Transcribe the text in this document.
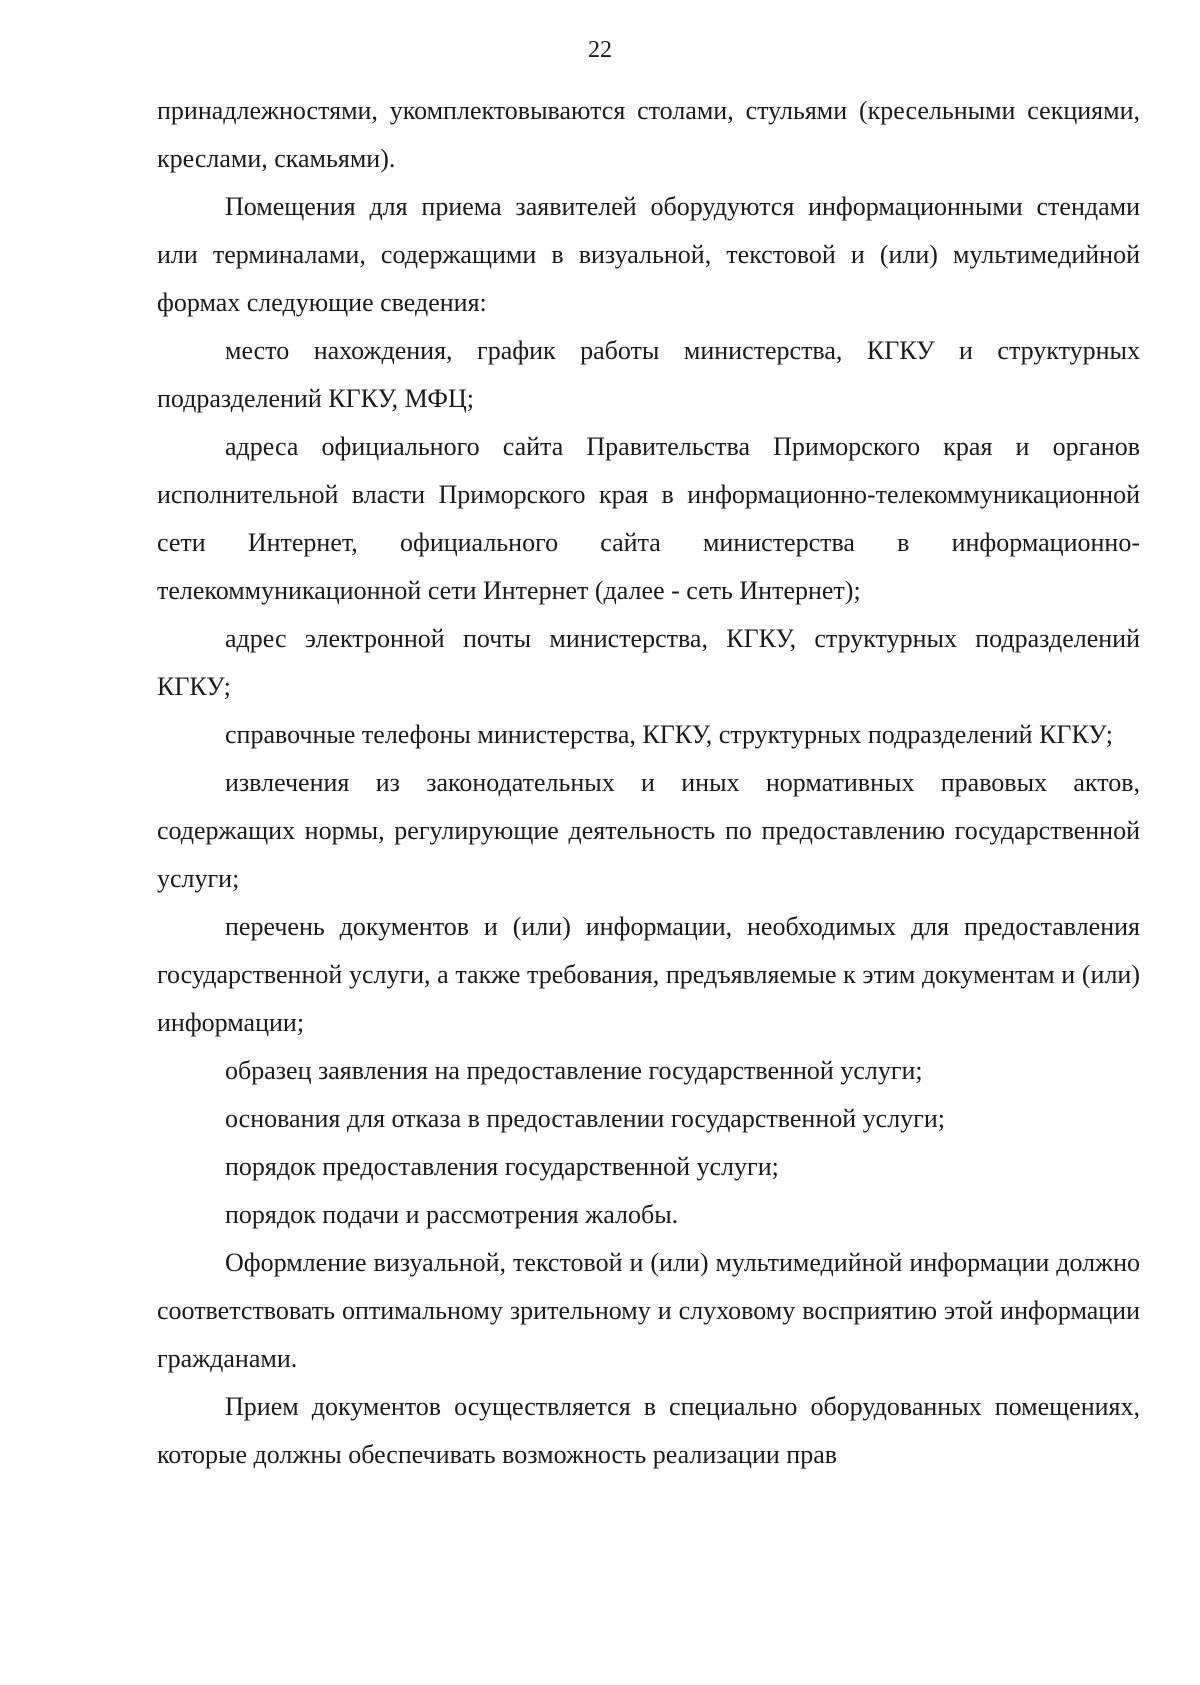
22

принадлежностями, укомплектовываются столами, стульями (кресельными секциями, креслами, скамьями).

Помещения для приема заявителей оборудуются информационными стендами или терминалами, содержащими в визуальной, текстовой и (или) мультимедийной формах следующие сведения:

место нахождения, график работы министерства, КГКУ и структурных подразделений КГКУ, МФЦ;

адреса официального сайта Правительства Приморского края и органов исполнительной власти Приморского края в информационно-телекоммуникационной сети Интернет, официального сайта министерства в информационно-телекоммуникационной сети Интернет (далее - сеть Интернет);

адрес электронной почты министерства, КГКУ, структурных подразделений КГКУ;

справочные телефоны министерства, КГКУ, структурных подразделений КГКУ;

извлечения из законодательных и иных нормативных правовых актов, содержащих нормы, регулирующие деятельность по предоставлению государственной услуги;

перечень документов и (или) информации, необходимых для предоставления государственной услуги, а также требования, предъявляемые к этим документам и (или) информации;

образец заявления на предоставление государственной услуги;

основания для отказа в предоставлении государственной услуги;

порядок предоставления государственной услуги;

порядок подачи и рассмотрения жалобы.

Оформление визуальной, текстовой и (или) мультимедийной информации должно соответствовать оптимальному зрительному и слуховому восприятию этой информации гражданами.

Прием документов осуществляется в специально оборудованных помещениях, которые должны обеспечивать возможность реализации прав
